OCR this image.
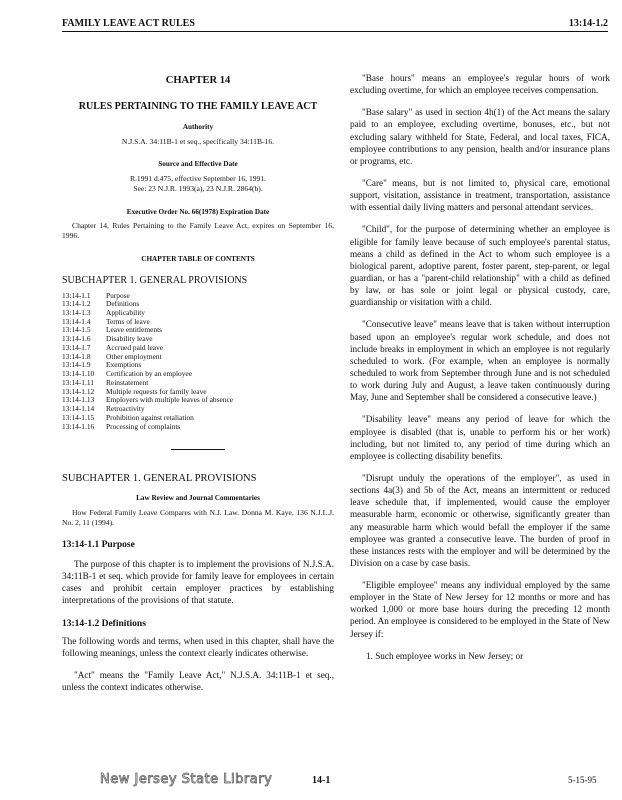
FAMILY LEAVE ACT RULES	13:14-1.2
CHAPTER 14
RULES PERTAINING TO THE FAMILY LEAVE ACT
Authority
N.J.S.A. 34:11B-1 et seq., specifically 34:11B-16.
Source and Effective Date
R.1991 d.475, effective September 16, 1991.
See: 23 N.J.R. 1993(a), 23 N.J.R. 2864(b).
Executive Order No. 66(1978) Expiration Date
Chapter 14, Rules Pertaining to the Family Leave Act, expires on September 16, 1996.
CHAPTER TABLE OF CONTENTS
SUBCHAPTER 1. GENERAL PROVISIONS
13:14-1.1	Purpose
13:14-1.2	Definitions
13:14-1.3	Applicability
13:14-1.4	Terms of leave
13:14-1.5	Leave entitlements
13:14-1.6	Disability leave
13:14-1.7	Accrued paid leave
13:14-1.8	Other employment
13:14-1.9	Exemptions
13:14-1.10	Certification by an employee
13:14-1.11	Reinstatement
13:14-1.12	Multiple requests for family leave
13:14-1.13	Employers with multiple leaves of absence
13:14-1.14	Retroactivity
13:14-1.15	Prohibition against retaliation
13:14-1.16	Processing of complaints
SUBCHAPTER 1. GENERAL PROVISIONS
Law Review and Journal Commentaries
How Federal Family Leave Compares with N.J. Law. Donna M. Kaye, 136 N.J.L.J. No. 2, 11 (1994).
13:14-1.1 Purpose
The purpose of this chapter is to implement the provisions of N.J.S.A. 34:11B-1 et seq. which provide for family leave for employees in certain cases and prohibit certain employer practices by establishing interpretations of the provisions of that statute.
13:14-1.2 Definitions
The following words and terms, when used in this chapter, shall have the following meanings, unless the context clearly indicates otherwise.
"Act" means the "Family Leave Act," N.J.S.A. 34:11B-1 et seq., unless the context indicates otherwise.
"Base hours" means an employee's regular hours of work excluding overtime, for which an employee receives compensation.
"Base salary" as used in section 4h(1) of the Act means the salary paid to an employee, excluding overtime, bonuses, etc., but not excluding salary withheld for State, Federal, and local taxes, FICA, employee contributions to any pension, health and/or insurance plans or programs, etc.
"Care" means, but is not limited to, physical care, emotional support, visitation, assistance in treatment, transportation, assistance with essential daily living matters and personal attendant services.
"Child", for the purpose of determining whether an employee is eligible for family leave because of such employee's parental status, means a child as defined in the Act to whom such employee is a biological parent, adoptive parent, foster parent, step-parent, or legal guardian, or has a "parent-child relationship" with a child as defined by law, or has sole or joint legal or physical custody, care, guardianship or visitation with a child.
"Consecutive leave" means leave that is taken without interruption based upon an employee's regular work schedule, and does not include breaks in employment in which an employee is not regularly scheduled to work. (For example, when an employee is normally scheduled to work from September through June and is not scheduled to work during July and August, a leave taken continuously during May, June and September shall be considered a consecutive leave.)
"Disability leave" means any period of leave for which the employee is disabled (that is, unable to perform his or her work) including, but not limited to, any period of time during which an employee is collecting disability benefits.
"Disrupt unduly the operations of the employer", as used in sections 4a(3) and 5b of the Act, means an intermittent or reduced leave schedule that, if implemented, would cause the employer measurable harm, economic or otherwise, significantly greater than any measurable harm which would befall the employer if the same employee was granted a consecutive leave. The burden of proof in these instances rests with the employer and will be determined by the Division on a case by case basis.
"Eligible employee" means any individual employed by the same employer in the State of New Jersey for 12 months or more and has worked 1,000 or more base hours during the preceding 12 month period. An employee is considered to be employed in the State of New Jersey if:
1. Such employee works in New Jersey; or
14-1	5-15-95
New Jersey State Library
